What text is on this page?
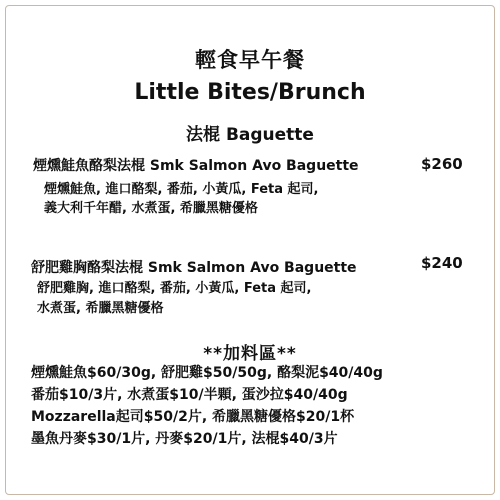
輕食早午餐
Little Bites/Brunch
法棍 Baguette
煙燻鮭魚酪梨法棍 Smk Salmon Avo Baguette	$260
煙燻鮭魚, 進口酪梨, 番茄, 小黃瓜, Feta 起司,
義大利千年醋, 水煮蛋, 希臘黑糖優格
舒肥雞胸酪梨法棍 Smk Salmon Avo Baguette	$240
舒肥雞胸, 進口酪梨, 番茄, 小黃瓜, Feta 起司,
水煮蛋, 希臘黑糖優格
**加料區**
煙燻鮭魚$60/30g, 舒肥雞$50/50g, 酪梨泥$40/40g
番茄$10/3片, 水煮蛋$10/半顆, 蛋沙拉$40/40g
Mozzarella起司$50/2片, 希臘黑糖優格$20/1杯
墨魚丹麥$30/1片, 丹麥$20/1片, 法棍$40/3片
